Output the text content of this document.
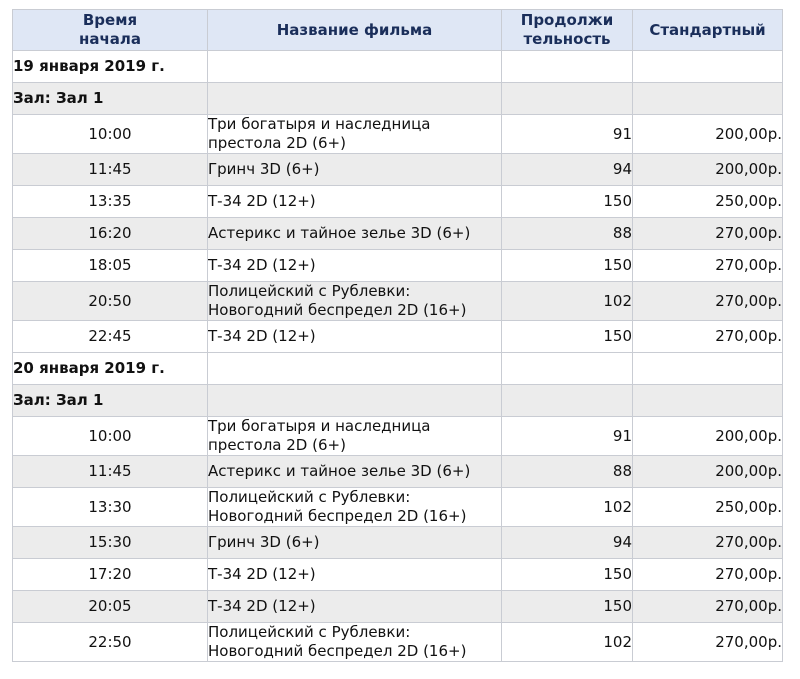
Время
начала	Название фильма	Продолжи
тельность	Стандартный
19 января 2019 г.			
Зал: Зал 1			
10:00	Три богатыря и наследница
престола 2D (6+)	91	200,00р.
11:45	Гринч 3D (6+)	94	200,00р.
13:35	Т-34 2D (12+)	150	250,00р.
16:20	Астерикс и тайное зелье 3D (6+)	88	270,00р.
18:05	Т-34 2D (12+)	150	270,00р.
20:50	Полицейский с Рублевки:
Новогодний беспредел 2D (16+)	102	270,00р.
22:45	Т-34 2D (12+)	150	270,00р.
20 января 2019 г.			
Зал: Зал 1			
10:00	Три богатыря и наследница
престола 2D (6+)	91	200,00р.
11:45	Астерикс и тайное зелье 3D (6+)	88	200,00р.
13:30	Полицейский с Рублевки:
Новогодний беспредел 2D (16+)	102	250,00р.
15:30	Гринч 3D (6+)	94	270,00р.
17:20	Т-34 2D (12+)	150	270,00р.
20:05	Т-34 2D (12+)	150	270,00р.
22:50	Полицейский с Рублевки:
Новогодний беспредел 2D (16+)	102	270,00р.
